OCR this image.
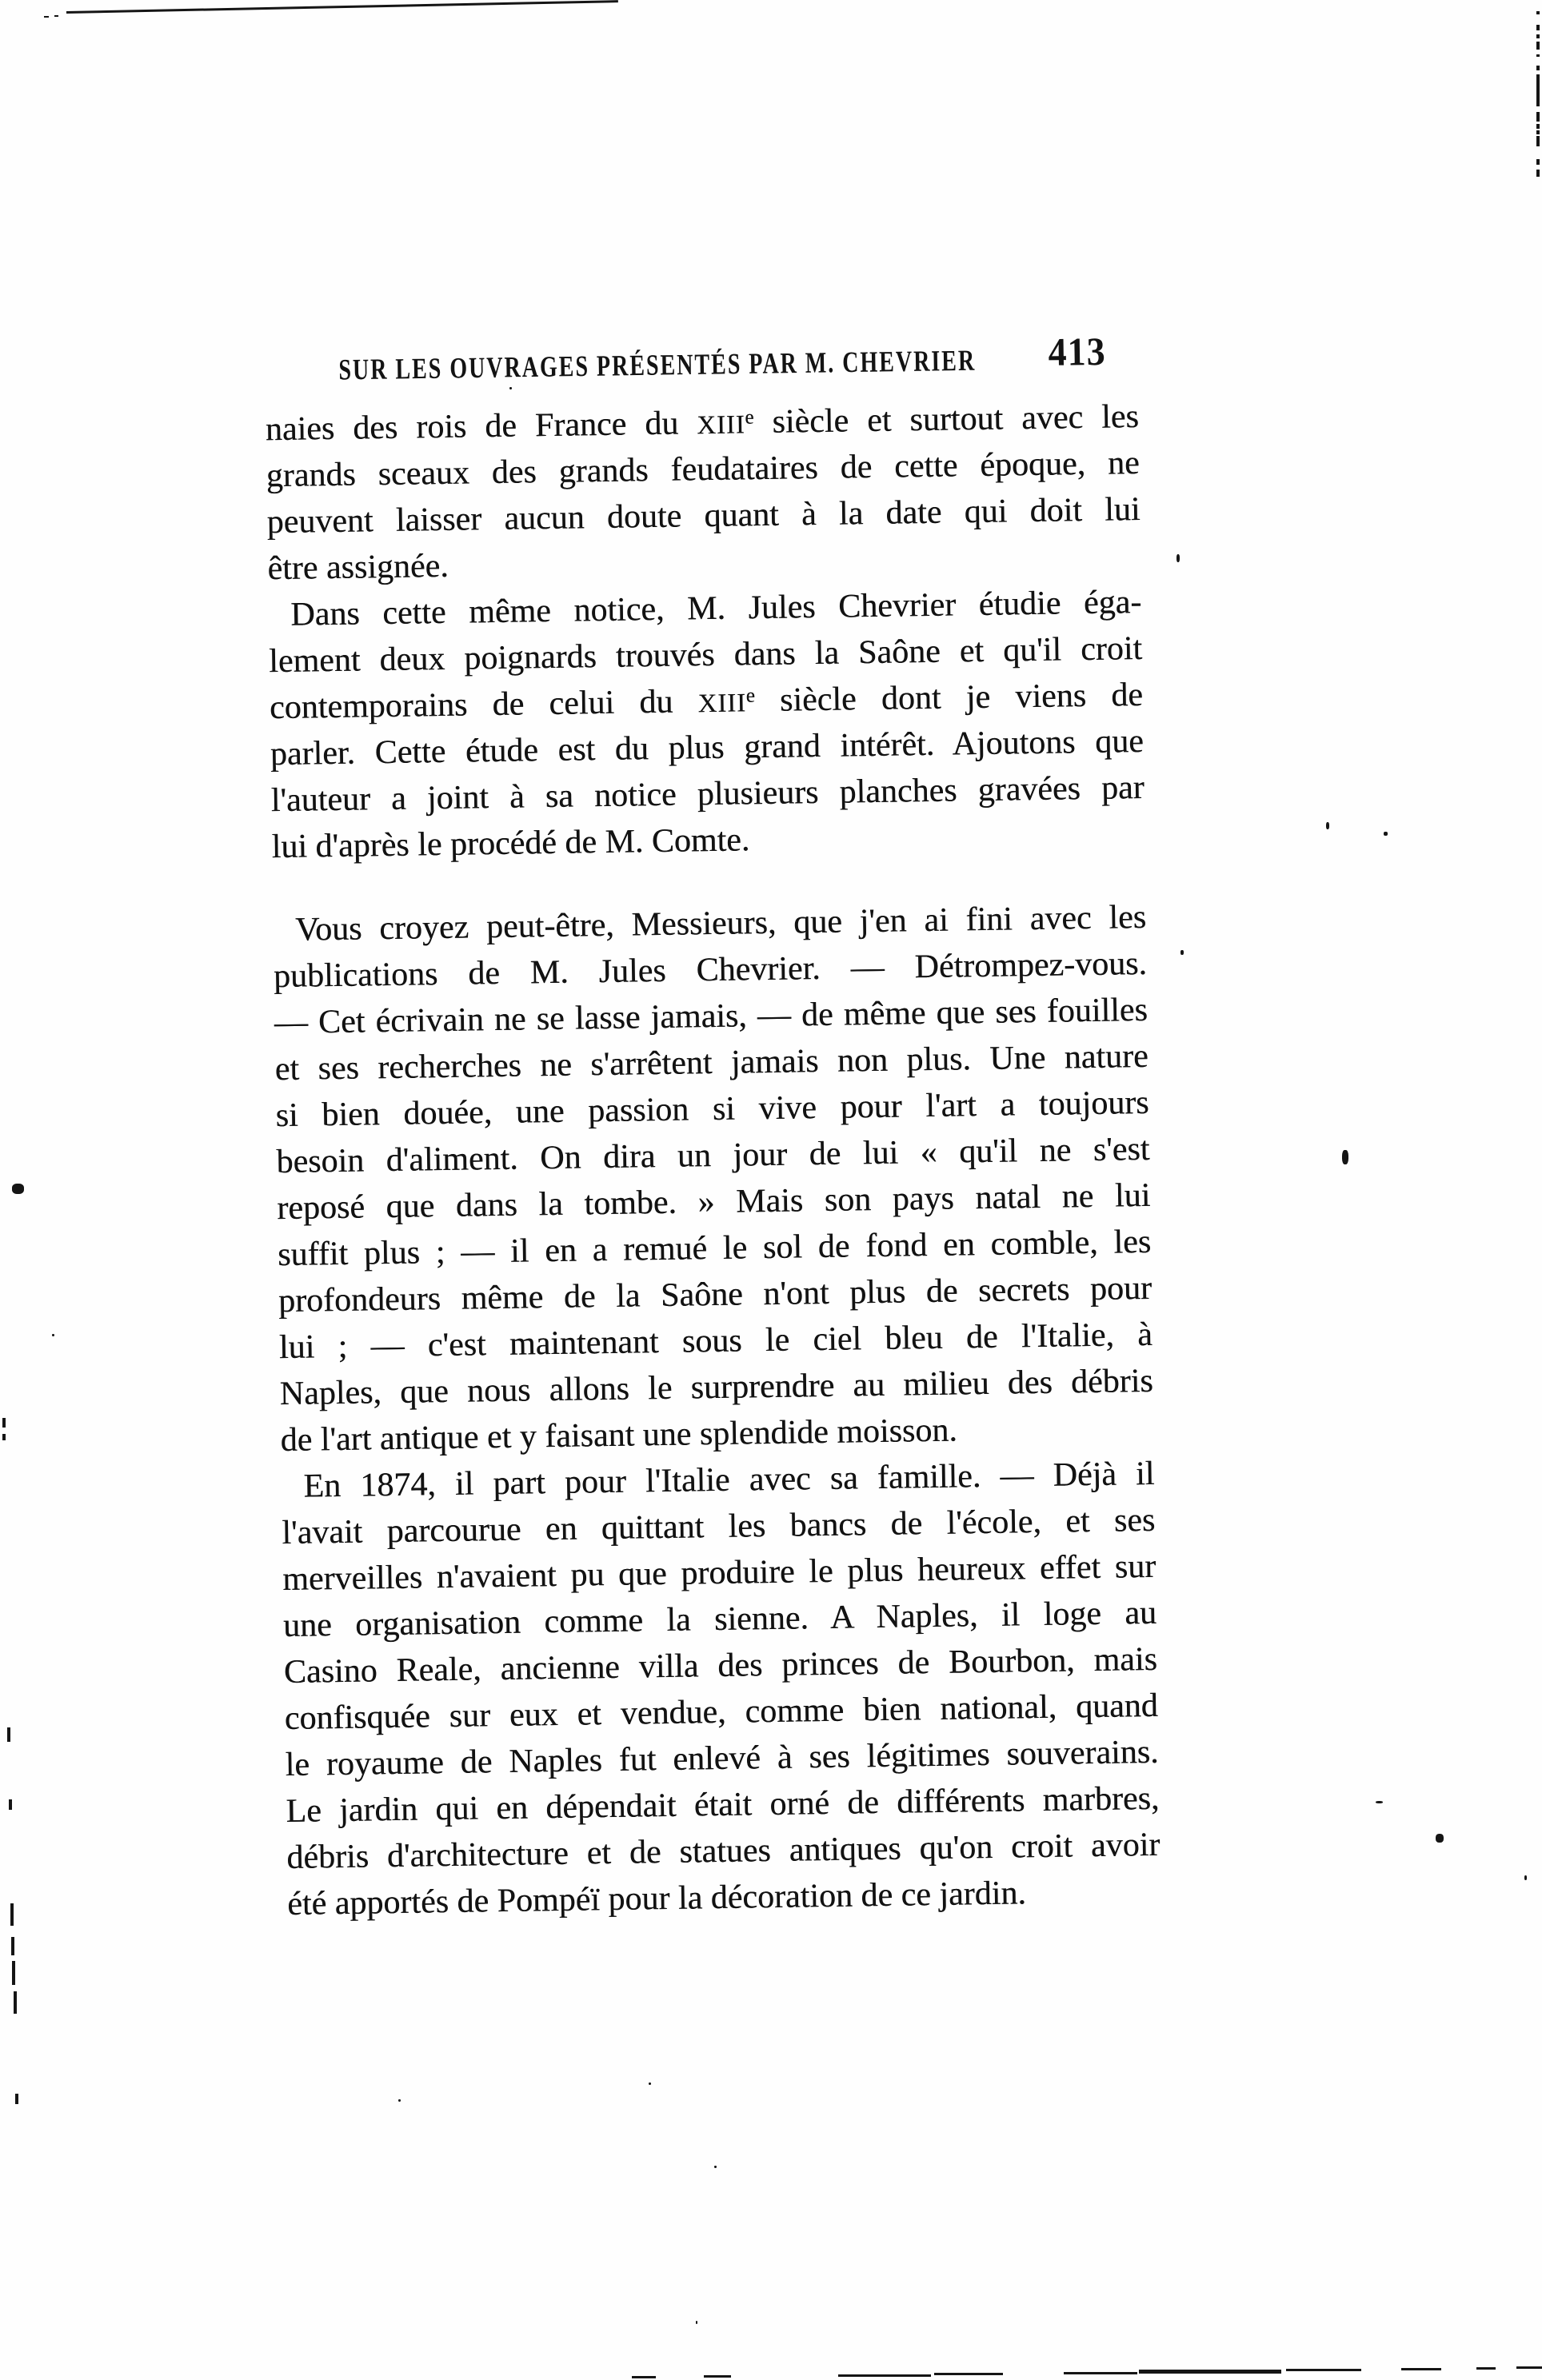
SUR LES OUVRAGES PRÉSENTÉS PAR M. CHEVRIER 413
naies des rois de France du XIIIᵉ siècle et surtout avec les
grands sceaux des grands feudataires de cette époque, ne
peuvent laisser aucun doute quant à la date qui doit lui
être assignée.
Dans cette même notice, M. Jules Chevrier étudie éga-
lement deux poignards trouvés dans la Saône et qu'il croit
contemporains de celui du XIIIᵉ siècle dont je viens de
parler. Cette étude est du plus grand intérêt. Ajoutons que
l'auteur a joint à sa notice plusieurs planches gravées par
lui d'après le procédé de M. Comte.
Vous croyez peut-être, Messieurs, que j'en ai fini avec les
publications de M. Jules Chevrier. — Détrompez-vous.
— Cet écrivain ne se lasse jamais, — de même que ses fouilles
et ses recherches ne s'arrêtent jamais non plus. Une nature
si bien douée, une passion si vive pour l'art a toujours
besoin d'aliment. On dira un jour de lui « qu'il ne s'est
reposé que dans la tombe. » Mais son pays natal ne lui
suffit plus ; — il en a remué le sol de fond en comble, les
profondeurs même de la Saône n'ont plus de secrets pour
lui ; — c'est maintenant sous le ciel bleu de l'Italie, à
Naples, que nous allons le surprendre au milieu des débris
de l'art antique et y faisant une splendide moisson.
En 1874, il part pour l'Italie avec sa famille. — Déjà il
l'avait parcourue en quittant les bancs de l'école, et ses
merveilles n'avaient pu que produire le plus heureux effet sur
une organisation comme la sienne. A Naples, il loge au
Casino Reale, ancienne villa des princes de Bourbon, mais
confisquée sur eux et vendue, comme bien national, quand
le royaume de Naples fut enlevé à ses légitimes souverains.
Le jardin qui en dépendait était orné de différents marbres,
débris d'architecture et de statues antiques qu'on croit avoir
été apportés de Pompéï pour la décoration de ce jardin.
